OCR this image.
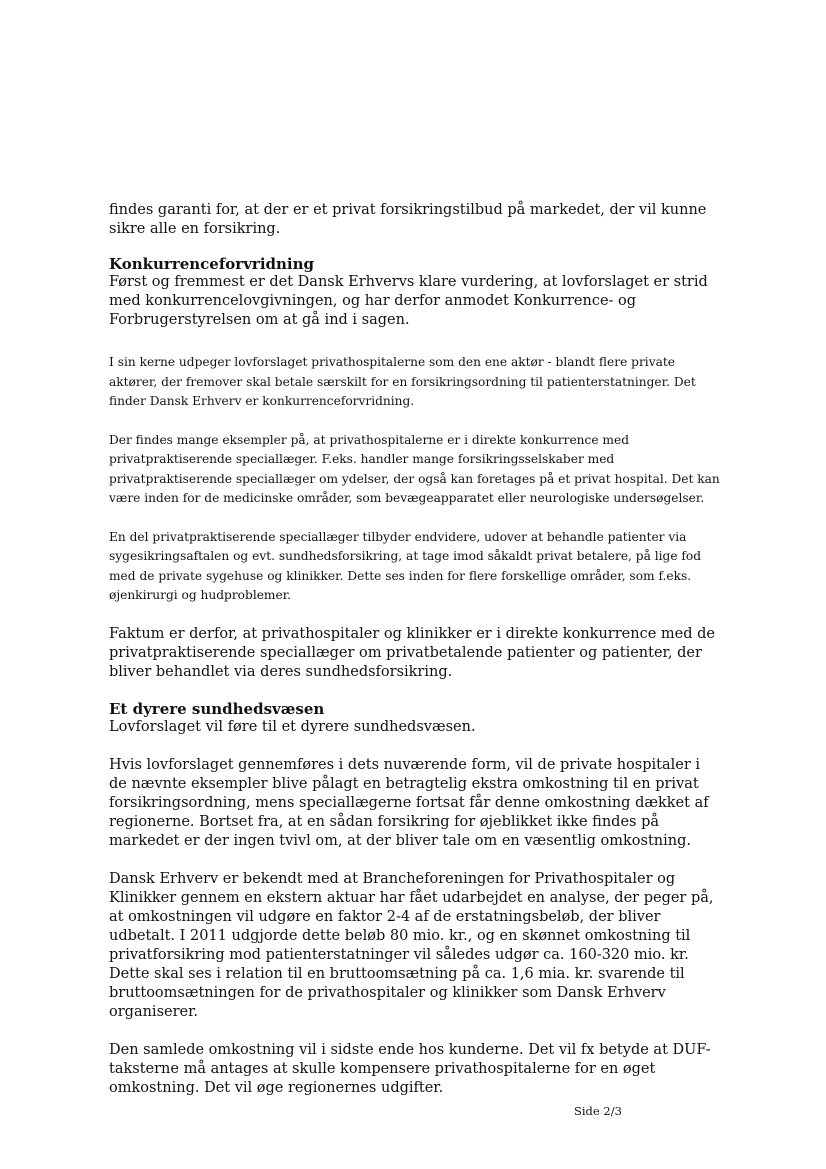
findes garanti for, at der er et privat forsikringstilbud på markedet, der vil kunne sikre alle en forsikring.

Konkurrenceforvridning

Først og fremmest er det Dansk Erhvervs klare vurdering, at lovforslaget er strid med konkurrencelovgivningen, og har derfor anmodet Konkurrence- og Forbrugerstyrelsen om at gå ind i sagen.

I sin kerne udpeger lovforslaget privathospitalerne som den ene aktør - blandt flere private aktører, der fremover skal betale særskilt for en forsikringsordning til patienterstatninger. Det finder Dansk Erhverv er konkurrenceforvridning.

Der findes mange eksempler på, at privathospitalerne er i direkte konkurrence med privatpraktiserende speciallæger. F.eks. handler mange forsikringsselskaber med privatpraktiserende speciallæger om ydelser, der også kan foretages på et privat hospital. Det kan være inden for de medicinske områder, som bevægeapparatet eller neurologiske undersøgelser.

En del privatpraktiserende speciallæger tilbyder endvidere, udover at behandle patienter via sygesikringsaftalen og evt. sundhedsforsikring, at tage imod såkaldt privat betalere, på lige fod med de private sygehuse og klinikker. Dette ses inden for flere forskellige områder, som f.eks. øjenkirurgi og hudproblemer.

Faktum er derfor, at privathospitaler og klinikker er i direkte konkurrence med de privatpraktiserende speciallæger om privatbetalende patienter og patienter, der bliver behandlet via deres sundhedsforsikring.

Et dyrere sundhedsvæsen

Lovforslaget vil føre til et dyrere sundhedsvæsen.

Hvis lovforslaget gennemføres i dets nuværende form, vil de private hospitaler i de nævnte eksempler blive pålagt en betragtelig ekstra omkostning til en privat forsikringsordning, mens speciallægerne fortsat får denne omkostning dækket af regionerne. Bortset fra, at en sådan forsikring for øjeblikket ikke findes på markedet er der ingen tvivl om, at der bliver tale om en væsentlig omkostning.

Dansk Erhverv er bekendt med at Brancheforeningen for Privathospitaler og Klinikker gennem en ekstern aktuar har fået udarbejdet en analyse, der peger på, at omkostningen vil udgøre en faktor 2-4 af de erstatningsbeløb, der bliver udbetalt. I 2011 udgjorde dette beløb 80 mio. kr., og en skønnet omkostning til privatforsikring mod patienterstatninger vil således udgør ca. 160-320 mio. kr. Dette skal ses i relation til en bruttoomsætning på ca. 1,6 mia. kr. svarende til bruttoomsætningen for de privathospitaler og klinikker som Dansk Erhverv organiserer.

Den samlede omkostning vil i sidste ende hos kunderne. Det vil fx betyde at DUF-taksterne må antages at skulle kompensere privathospitalerne for en øget omkostning. Det vil øge regionernes udgifter.

Side 2/3
